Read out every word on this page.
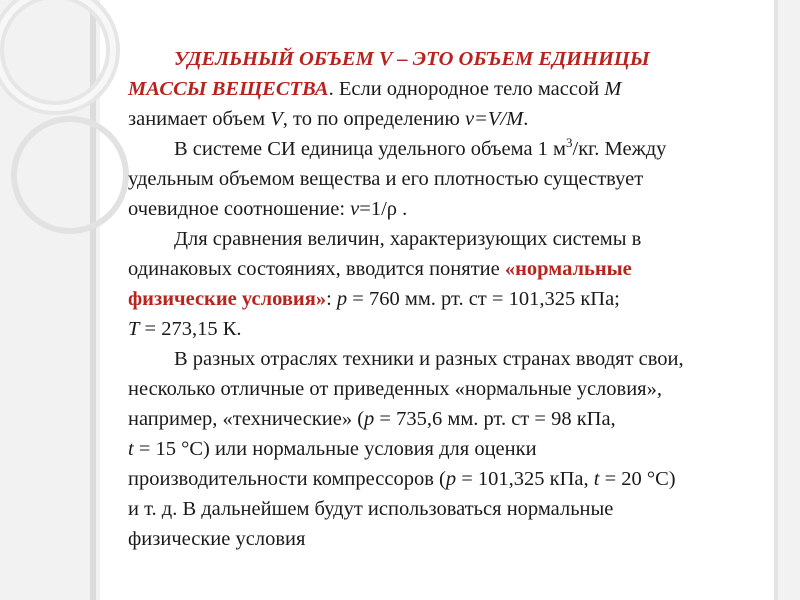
УДЕЛЬНЫЙ ОБЪЕМ V – ЭТО ОБЪЕМ ЕДИНИЦЫ

МАССЫ ВЕЩЕСТВА. Если однородное тело массой M

занимает объем V, то по определению v=V/M.

В системе СИ единица удельного объема 1 $м^3/кг$. Между

удельным объемом вещества и его плотностью существует

очевидное соотношение: v=1/ρ .

Для сравнения величин, характеризующих системы в

одинаковых состояниях, вводится понятие «нормальные

физические условия»: p = 760 мм. рт. ст = 101,325 кПа;

T = 273,15 К.

В разных отраслях техники и разных странах вводят свои,

несколько отличные от приведенных «нормальные условия»,

например, «технические» (p = 735,6 мм. рт. ст = 98 кПа,

t = 15 °C) или нормальные условия для оценки

производительности компрессоров (p = 101,325 кПа, t = 20 °C)

и т. д. В дальнейшем будут использоваться нормальные

физические условия
